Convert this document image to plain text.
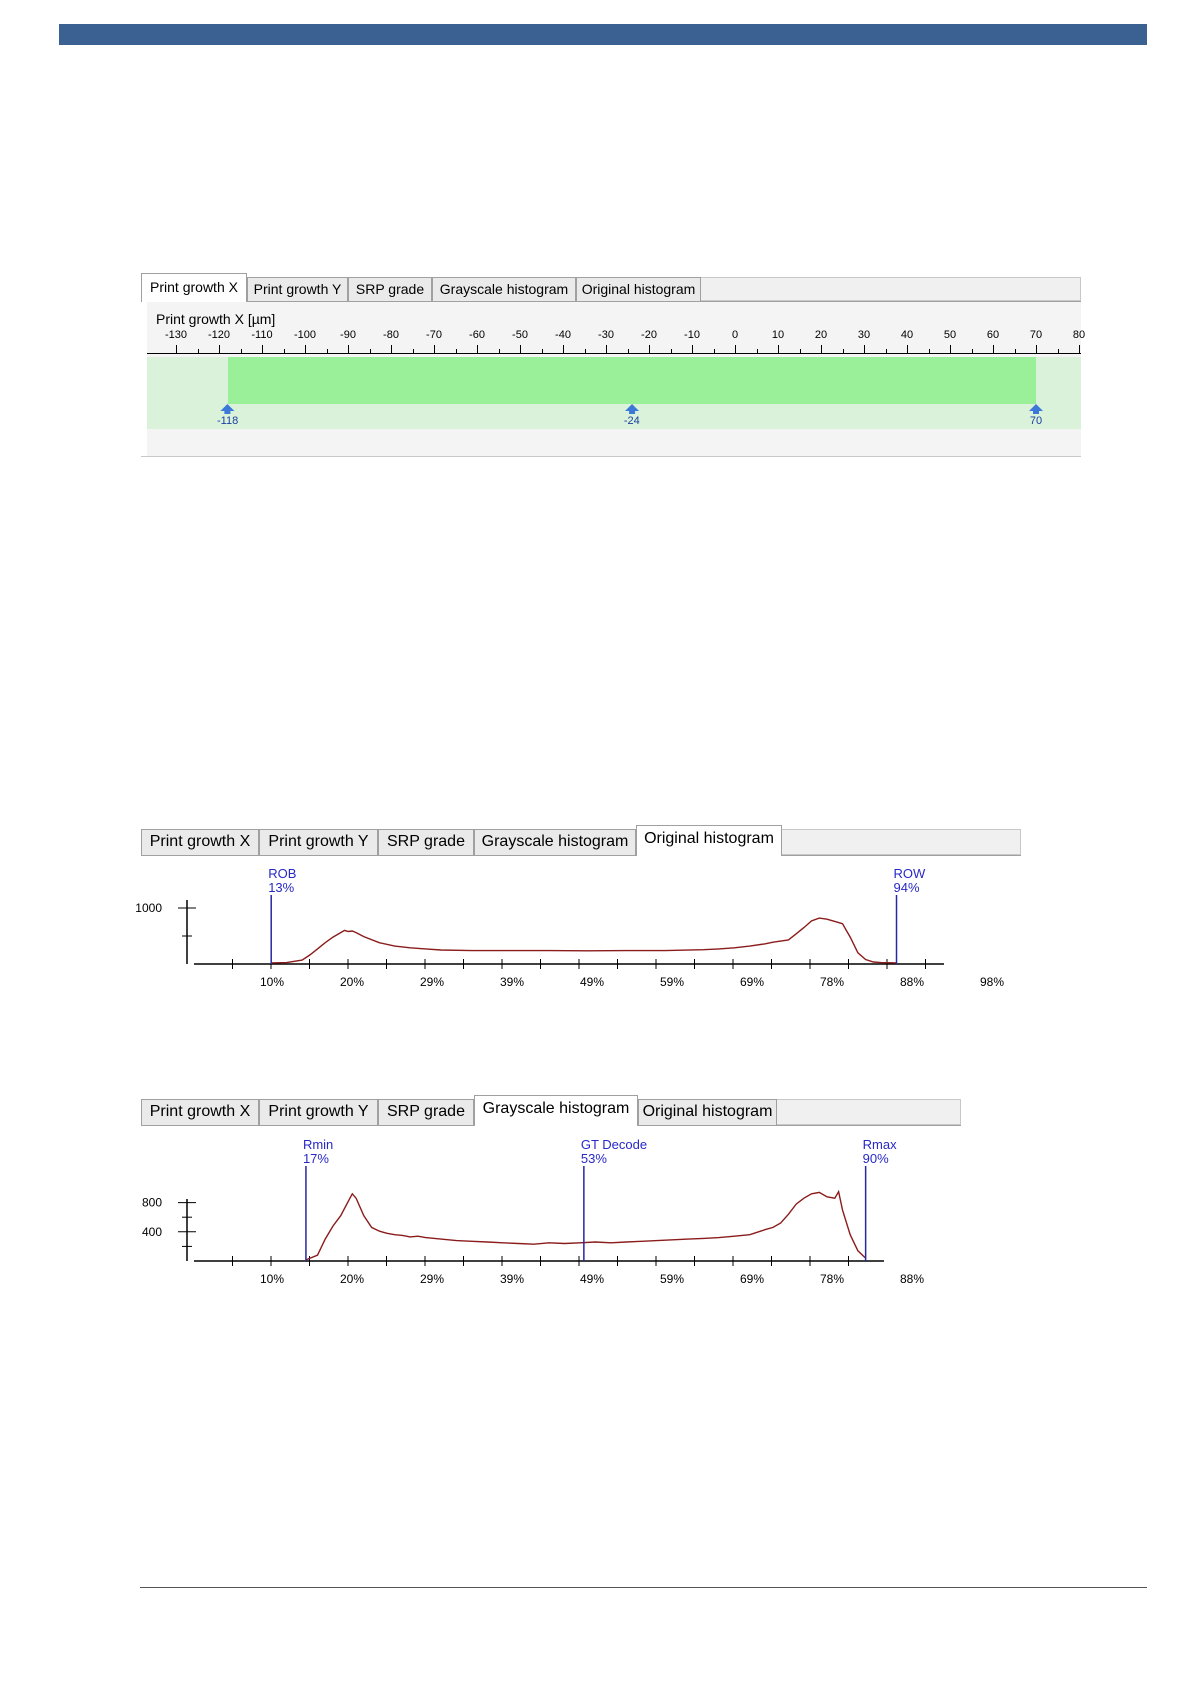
Print growth X	Print growth Y	SRP grade	Grayscale histogram Original histogram
Print growth X [µm]
-118	-24	70
-130 -120 -110 -100 -90 -80 -70 -60 -50 -40 -30 -20 -10	0	10	20	30	40	50	60	70	80
Print growth X	Print growth Y	SRP grade	Grayscale histogram Original histogram
10%	20%	29%	39%	49%	59%	69%	78%	88%	98%
1000
ROB
13%
ROW
94%
Print growth X	Print growth Y	SRP grade	Grayscale histogram Original histogram
10%	20%	29%	39%	49%	59%	69%	78%	88%
800
400
Rmin
17%
GT Decode
53%
Rmax
90%
